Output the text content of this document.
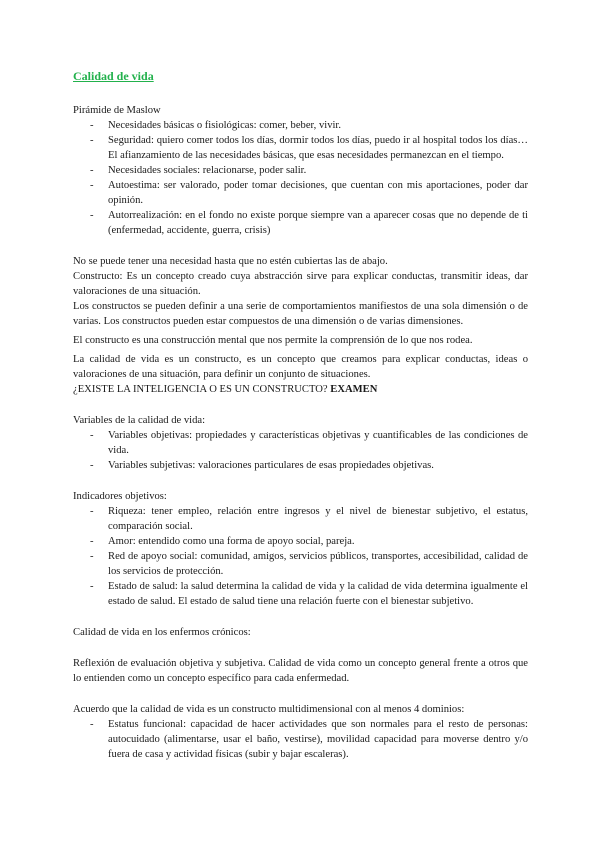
Calidad de vida

Pirámide de Maslow

- Necesidades básicas o fisiológicas: comer, beber, vivir.
- Seguridad: quiero comer todos los días, dormir todos los días, puedo ir al hospital todos los días… El afianzamiento de las necesidades básicas, que esas necesidades permanezcan en el tiempo.
- Necesidades sociales: relacionarse, poder salir.
- Autoestima: ser valorado, poder tomar decisiones, que cuentan con mis aportaciones, poder dar opinión.
- Autorrealización: en el fondo no existe porque siempre van a aparecer cosas que no depende de ti (enfermedad, accidente, guerra, crisis)

No se puede tener una necesidad hasta que no estén cubiertas las de abajo.

Constructo: Es un concepto creado cuya abstracción sirve para explicar conductas, transmitir ideas, dar valoraciones de una situación.

Los constructos se pueden definir a una serie de comportamientos manifiestos de una sola dimensión o de varias. Los constructos pueden estar compuestos de una dimensión o de varias dimensiones.

El constructo es una construcción mental que nos permite la comprensión de lo que nos rodea.

La calidad de vida es un constructo, es un concepto que creamos para explicar conductas, ideas o valoraciones de una situación, para definir un conjunto de situaciones.

¿EXISTE LA INTELIGENCIA O ES UN CONSTRUCTO? EXAMEN

Variables de la calidad de vida:

- Variables objetivas: propiedades y características objetivas y cuantificables de las condiciones de vida.
- Variables subjetivas: valoraciones particulares de esas propiedades objetivas.

Indicadores objetivos:

- Riqueza: tener empleo, relación entre ingresos y el nivel de bienestar subjetivo, el estatus, comparación social.
- Amor: entendido como una forma de apoyo social, pareja.
- Red de apoyo social: comunidad, amigos, servicios públicos, transportes, accesibilidad, calidad de los servicios de protección.
- Estado de salud: la salud determina la calidad de vida y la calidad de vida determina igualmente el estado de salud. El estado de salud tiene una relación fuerte con el bienestar subjetivo.

Calidad de vida en los enfermos crónicos:

Reflexión de evaluación objetiva y subjetiva. Calidad de vida como un concepto general frente a otros que lo entienden como un concepto específico para cada enfermedad.

Acuerdo que la calidad de vida es un constructo multidimensional con al menos 4 dominios:

- Estatus funcional: capacidad de hacer actividades que son normales para el resto de personas: autocuidado (alimentarse, usar el baño, vestirse), movilidad capacidad para moverse dentro y/o fuera de casa y actividad físicas (subir y bajar escaleras).
